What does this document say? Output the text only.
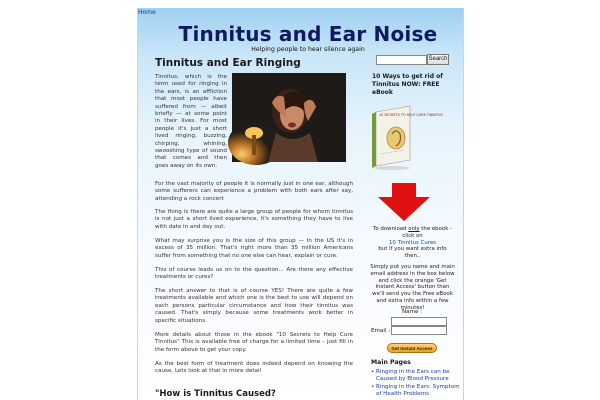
Home
Tinnitus and Ear Noise
Helping people to hear silence again
Search
Tinnitus and Ear Ringing

Tinnitus, which is the term used for ringing in the ears, is an affliction that most people have suffered from — albeit briefly — at some point in their lives. For most people it's just a short lived ringing, buzzing, chirping, whining, swooshing type of sound that comes and then goes away on its own.

For the vast majority of people it is normally just in one ear, although some sufferers can experience a problem with both ears after say, attending a rock concert

The thing is there are quite a large group of people for whom tinnitus is not just a short lived experience, it's something they have to live with date in and day out.

What may surprise you is the size of this group — In the US it's in excess of 35 million. That's right more than 35 million Americans suffer from something that no one else can hear, explain or cure.

This of course leads us on to the question... Are there any effective treatments or cures?

The short answer to that is of course YES! There are quite a few treatments available and which one is the best to use will depend on each persons particular circumstance and how their tinnitus was caused. That's simply because some treatments work better in specific situations.

More details about those in the ebook "10 Secrets to Help Cure Tinnitus" This is available free of charge for a limited time – just fill in the form above to get your copy.

As the best form of treatment does indeed depend on knowing the cause, Lets look at that in more detail

"How is Tinnitus Caused?
10 Ways to get rid of Tinnitus NOW: FREE eBook
10 SECRETS TO HELP CURE TINNITUS
To download only the ebook - click on
10 Tinnitus Cures
but if you want extra info then..
Simply put you name and main email address in the box below and click the orange 'Get Instant Access' button then we'll send you the Free eBook and extra info within a few minutes!
Name :
Email :
Get Instant Access
Main Pages
• Ringing in the Ears can be Caused by Blood Pressure
• Ringing in the Ears: Symptom of Health Problems
